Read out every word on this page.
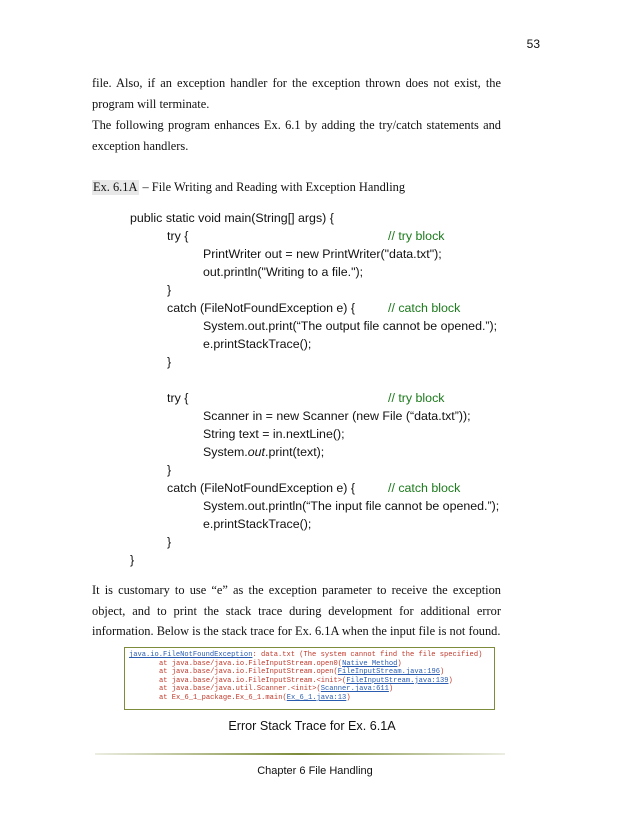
53

file. Also, if an exception handler for the exception thrown does not exist, the program will terminate.

The following program enhances Ex. 6.1 by adding the try/catch statements and exception handlers.

Ex. 6.1A – File Writing and Reading with Exception Handling

public static void main(String[] args) {
try {	// try block
PrintWriter out = new PrintWriter("data.txt");
out.println("Writing to a file.");
}
catch (FileNotFoundException e) {	// catch block
System.out.print(“The output file cannot be opened.”);
e.printStackTrace();
}
try {	// try block
Scanner in = new Scanner (new File (“data.txt”));
String text = in.nextLine();
System.out.print(text);
}
catch (FileNotFoundException e) {	// catch block
System.out.println(“The input file cannot be opened.”);
e.printStackTrace();
}
}

It is customary to use “e” as the exception parameter to receive the exception object, and to print the stack trace during development for additional error information. Below is the stack trace for Ex. 6.1A when the input file is not found.

java.io.FileNotFoundException: data.txt (The system cannot find the file specified)
at java.base/java.io.FileInputStream.open0(Native Method)
at java.base/java.io.FileInputStream.open(FileInputStream.java:196)
at java.base/java.io.FileInputStream.<init>(FileInputStream.java:139)
at java.base/java.util.Scanner.<init>(Scanner.java:611)
at Ex_6_1_package.Ex_6_1.main(Ex_6_1.java:13)
Error Stack Trace for Ex. 6.1A
Chapter 6 File Handling
